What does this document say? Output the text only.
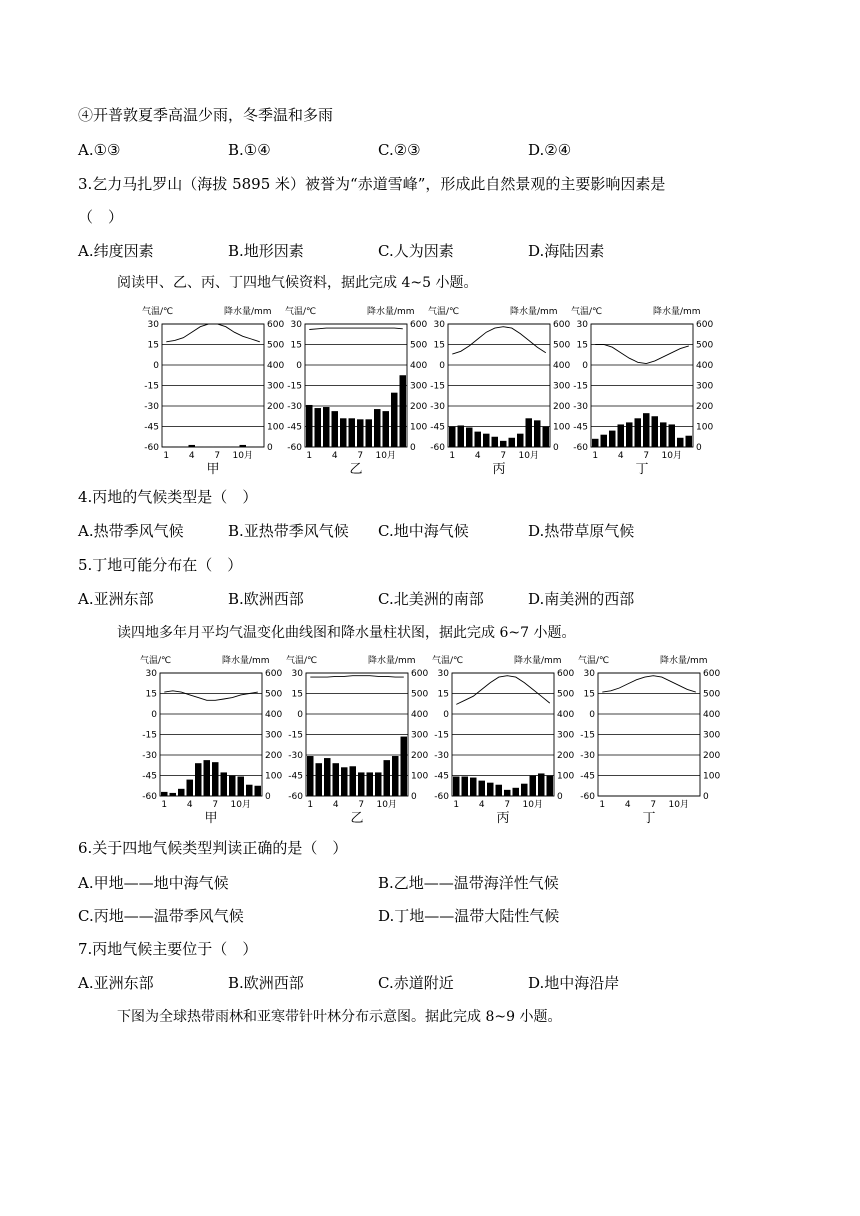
④开普敦夏季高温少雨，冬季温和多雨
A.①③	B.①④	C.②③	D.②④
3.乞力马扎罗山（海拔 5895 米）被誉为“赤道雪峰”，形成此自然景观的主要影响因素是
（　）
A.纬度因素	B.地形因素	C.人为因素	D.海陆因素
阅读甲、乙、丙、丁四地气候资料，据此完成 4~5 小题。
气温/℃	降水量/mm
30	600
15	500
0	400
-15	300
-30	200
-45	100
-60	0
1 4 7 10月
甲
气温/℃	降水量/mm
30	600
15	500
0	400
-15	300
-30	200
-45	100
-60	0
1 4 7 10月
乙
气温/℃	降水量/mm
30	600
15	500
0	400
-15	300
-30	200
-45	100
-60	0
1 4 7 10月
丙
气温/℃	降水量/mm
30	600
15	500
0	400
-15	300
-30	200
-45	100
-60	0
1 4 7 10月
丁
4.丙地的气候类型是（　）
A.热带季风气候	B.亚热带季风气候 C.地中海气候	D.热带草原气候
5.丁地可能分布在（　）
A.亚洲东部	B.欧洲西部	C.北美洲的南部	D.南美洲的西部
读四地多年月平均气温变化曲线图和降水量柱状图，据此完成 6~7 小题。
气温/℃	降水量/mm
30	600
15	500
0	400
-15	300
-30	200
-45	100
-60	0
1 4 7 10月
甲
气温/℃	降水量/mm
30	600
15	500
0	400
-15	300
-30	200
-45	100
-60	0
1 4 7 10月
乙
气温/℃	降水量/mm
30	600
15	500
0	400
-15	300
-30	200
-45	100
-60	0
1 4 7 10月
丙
气温/℃	降水量/mm
30	600
15	500
0	400
-15	300
-30	200
-45	100
-60	0
1 4 7 10月
丁
6.关于四地气候类型判读正确的是（　）
A.甲地——地中海气候	B.乙地——温带海洋性气候
C.丙地——温带季风气候	D.丁地——温带大陆性气候
7.丙地气候主要位于（　）
A.亚洲东部	B.欧洲西部	C.赤道附近	D.地中海沿岸
下图为全球热带雨林和亚寒带针叶林分布示意图。据此完成 8~9 小题。
